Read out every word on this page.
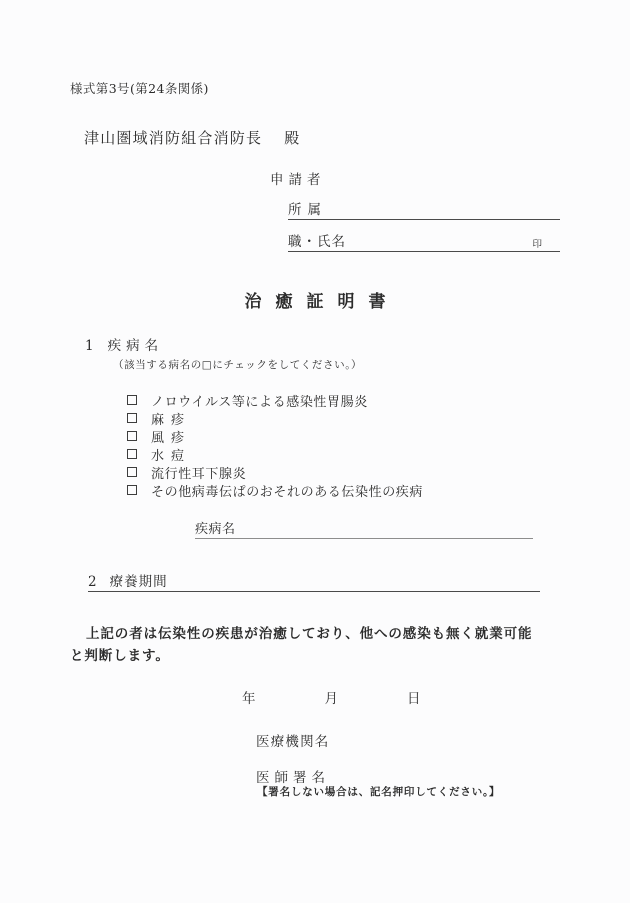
様式第3号(第24条関係)
津山圏域消防組合消防長 殿
申請者
所属
職・氏名	印
治癒証明書
1 疾病名
（該当する病名の□にチェックをしてください。）
ノロウイルス等による感染性胃腸炎
麻疹
風疹
水痘
流行性耳下腺炎
その他病毒伝ぱのおそれのある伝染性の疾病
疾病名
2 療養期間
上記の者は伝染性の疾患が治癒しており、他への感染も無く就業可能と判断します。
年	月	日
医療機関名
医師署名
【署名しない場合は、記名押印してください。】
